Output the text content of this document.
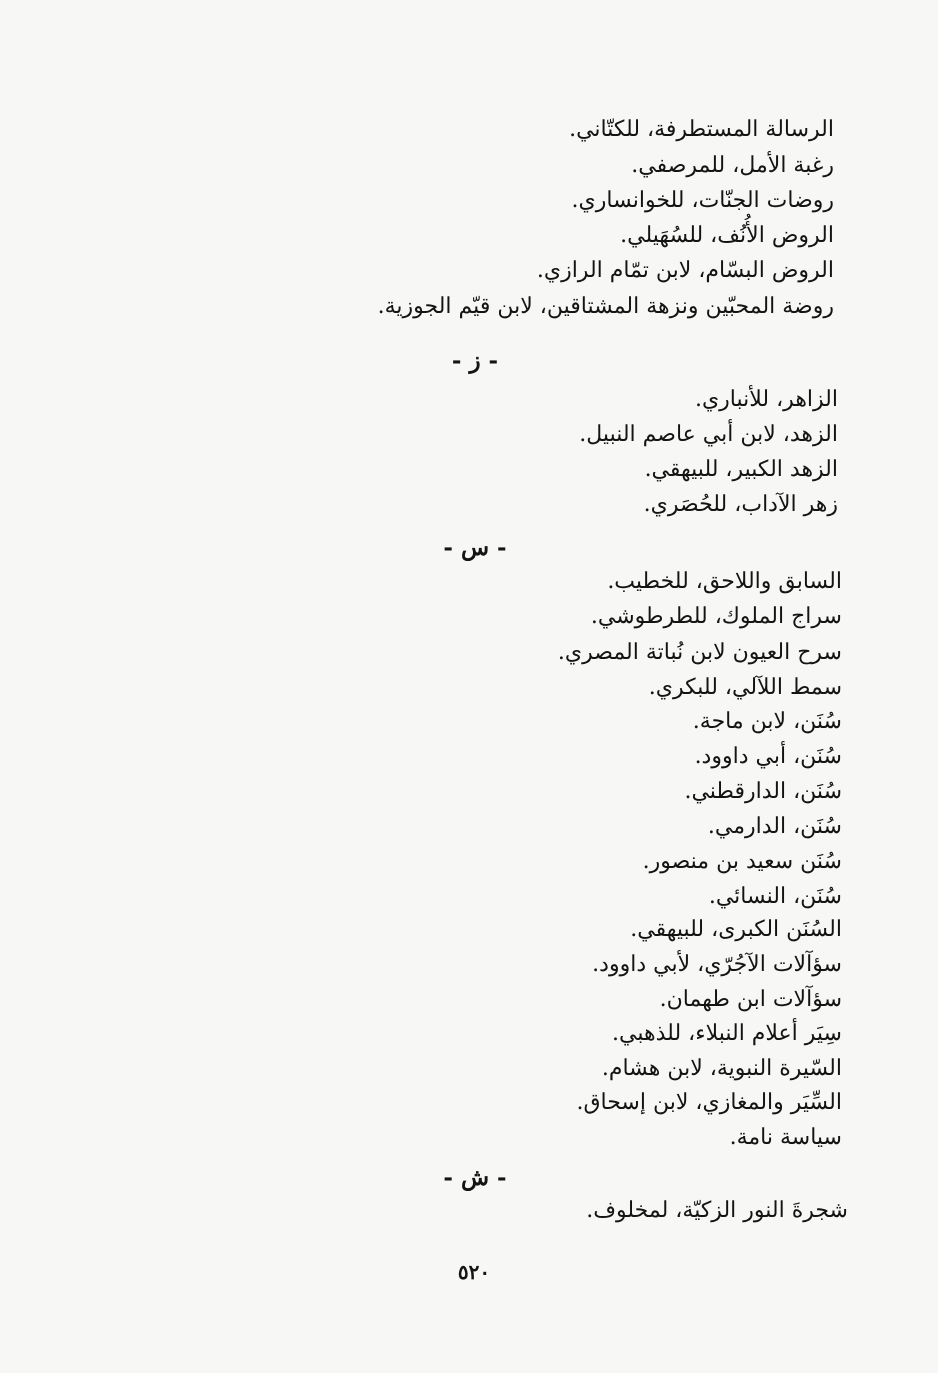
الرسالة المستطرفة، للكتّاني.
رغبة الأمل، للمرصفي.
روضات الجنّات، للخوانساري.
الروض الأُنُف، للسُهَيلي.
الروض البسّام، لابن تمّام الرازي.
روضة المحبّين ونزهة المشتاقين، لابن قيّم الجوزية.
- ز -
الزاهر، للأنباري.
الزهد، لابن أبي عاصم النبيل.
الزهد الكبير، للبيهقي.
زهر الآداب، للحُصَري.
- س -
السابق واللاحق، للخطيب.
سراج الملوك، للطرطوشي.
سرح العيون لابن نُباتة المصري.
سمط اللآلي، للبكري.
سُنَن، لابن ماجة.
سُنَن، أبي داوود.
سُنَن، الدارقطني.
سُنَن، الدارمي.
سُنَن سعيد بن منصور.
سُنَن، النسائي.
السُنَن الكبرى، للبيهقي.
سؤآلات الآجُرّي، لأبي داوود.
سؤآلات ابن طهمان.
سِيَر أعلام النبلاء، للذهبي.
السّيرة النبوية، لابن هشام.
السِّيَر والمغازي، لابن إسحاق.
سياسة نامة.
- ش -
شجرةَ النور الزكيّة، لمخلوف.
٥٢٠
